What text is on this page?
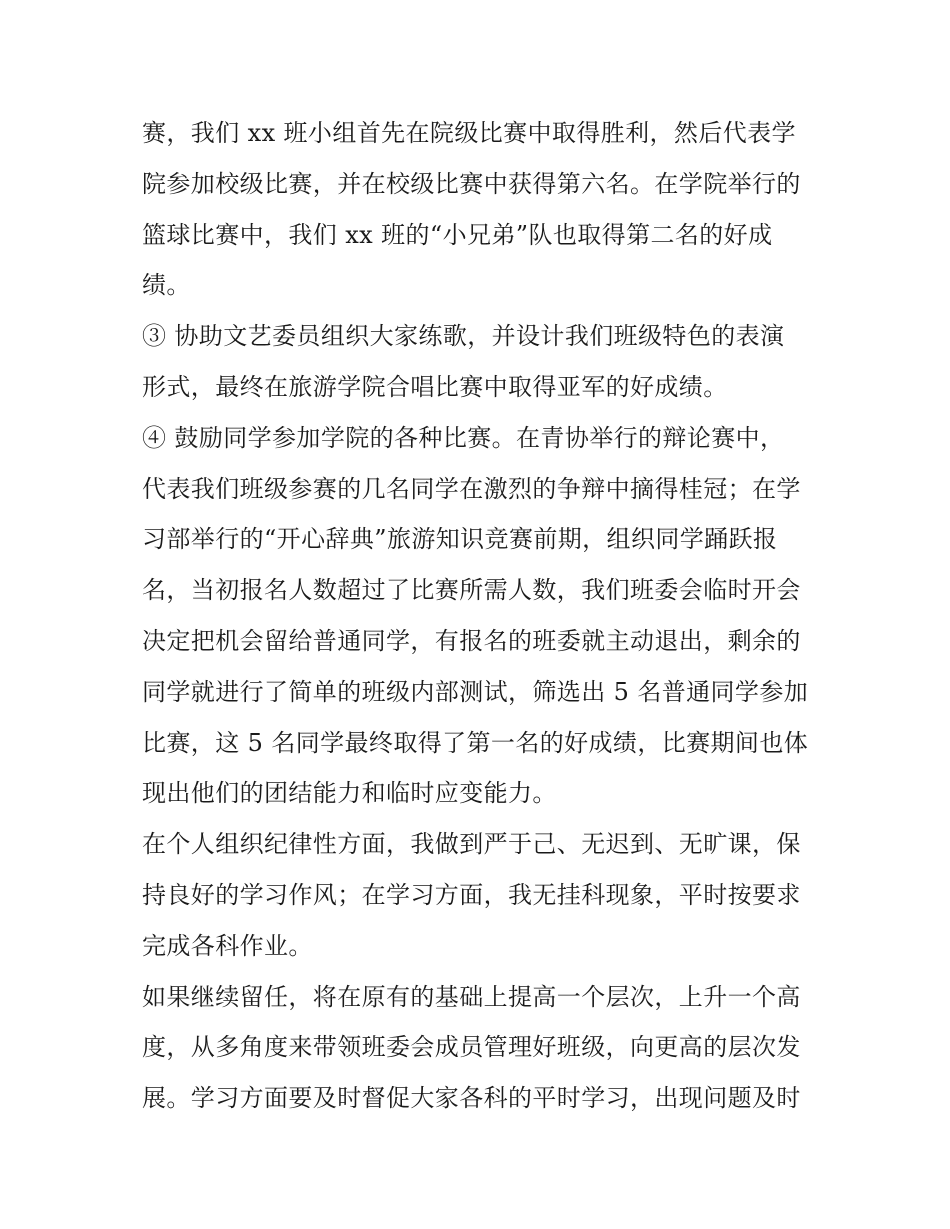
赛，我们 xx 班小组首先在院级比赛中取得胜利，然后代表学
院参加校级比赛，并在校级比赛中获得第六名。在学院举行的
篮球比赛中，我们 xx 班的“小兄弟”队也取得第二名的好成
绩。
③ 协助文艺委员组织大家练歌，并设计我们班级特色的表演
形式，最终在旅游学院合唱比赛中取得亚军的好成绩。
④ 鼓励同学参加学院的各种比赛。在青协举行的辩论赛中，
代表我们班级参赛的几名同学在激烈的争辩中摘得桂冠；在学
习部举行的“开心辞典”旅游知识竞赛前期，组织同学踊跃报
名，当初报名人数超过了比赛所需人数，我们班委会临时开会
决定把机会留给普通同学，有报名的班委就主动退出，剩余的
同学就进行了简单的班级内部测试，筛选出 5 名普通同学参加
比赛，这 5 名同学最终取得了第一名的好成绩，比赛期间也体
现出他们的团结能力和临时应变能力。
在个人组织纪律性方面，我做到严于己、无迟到、无旷课，保
持良好的学习作风；在学习方面，我无挂科现象，平时按要求
完成各科作业。
如果继续留任，将在原有的基础上提高一个层次，上升一个高
度，从多角度来带领班委会成员管理好班级，向更高的层次发
展。学习方面要及时督促大家各科的平时学习，出现问题及时
